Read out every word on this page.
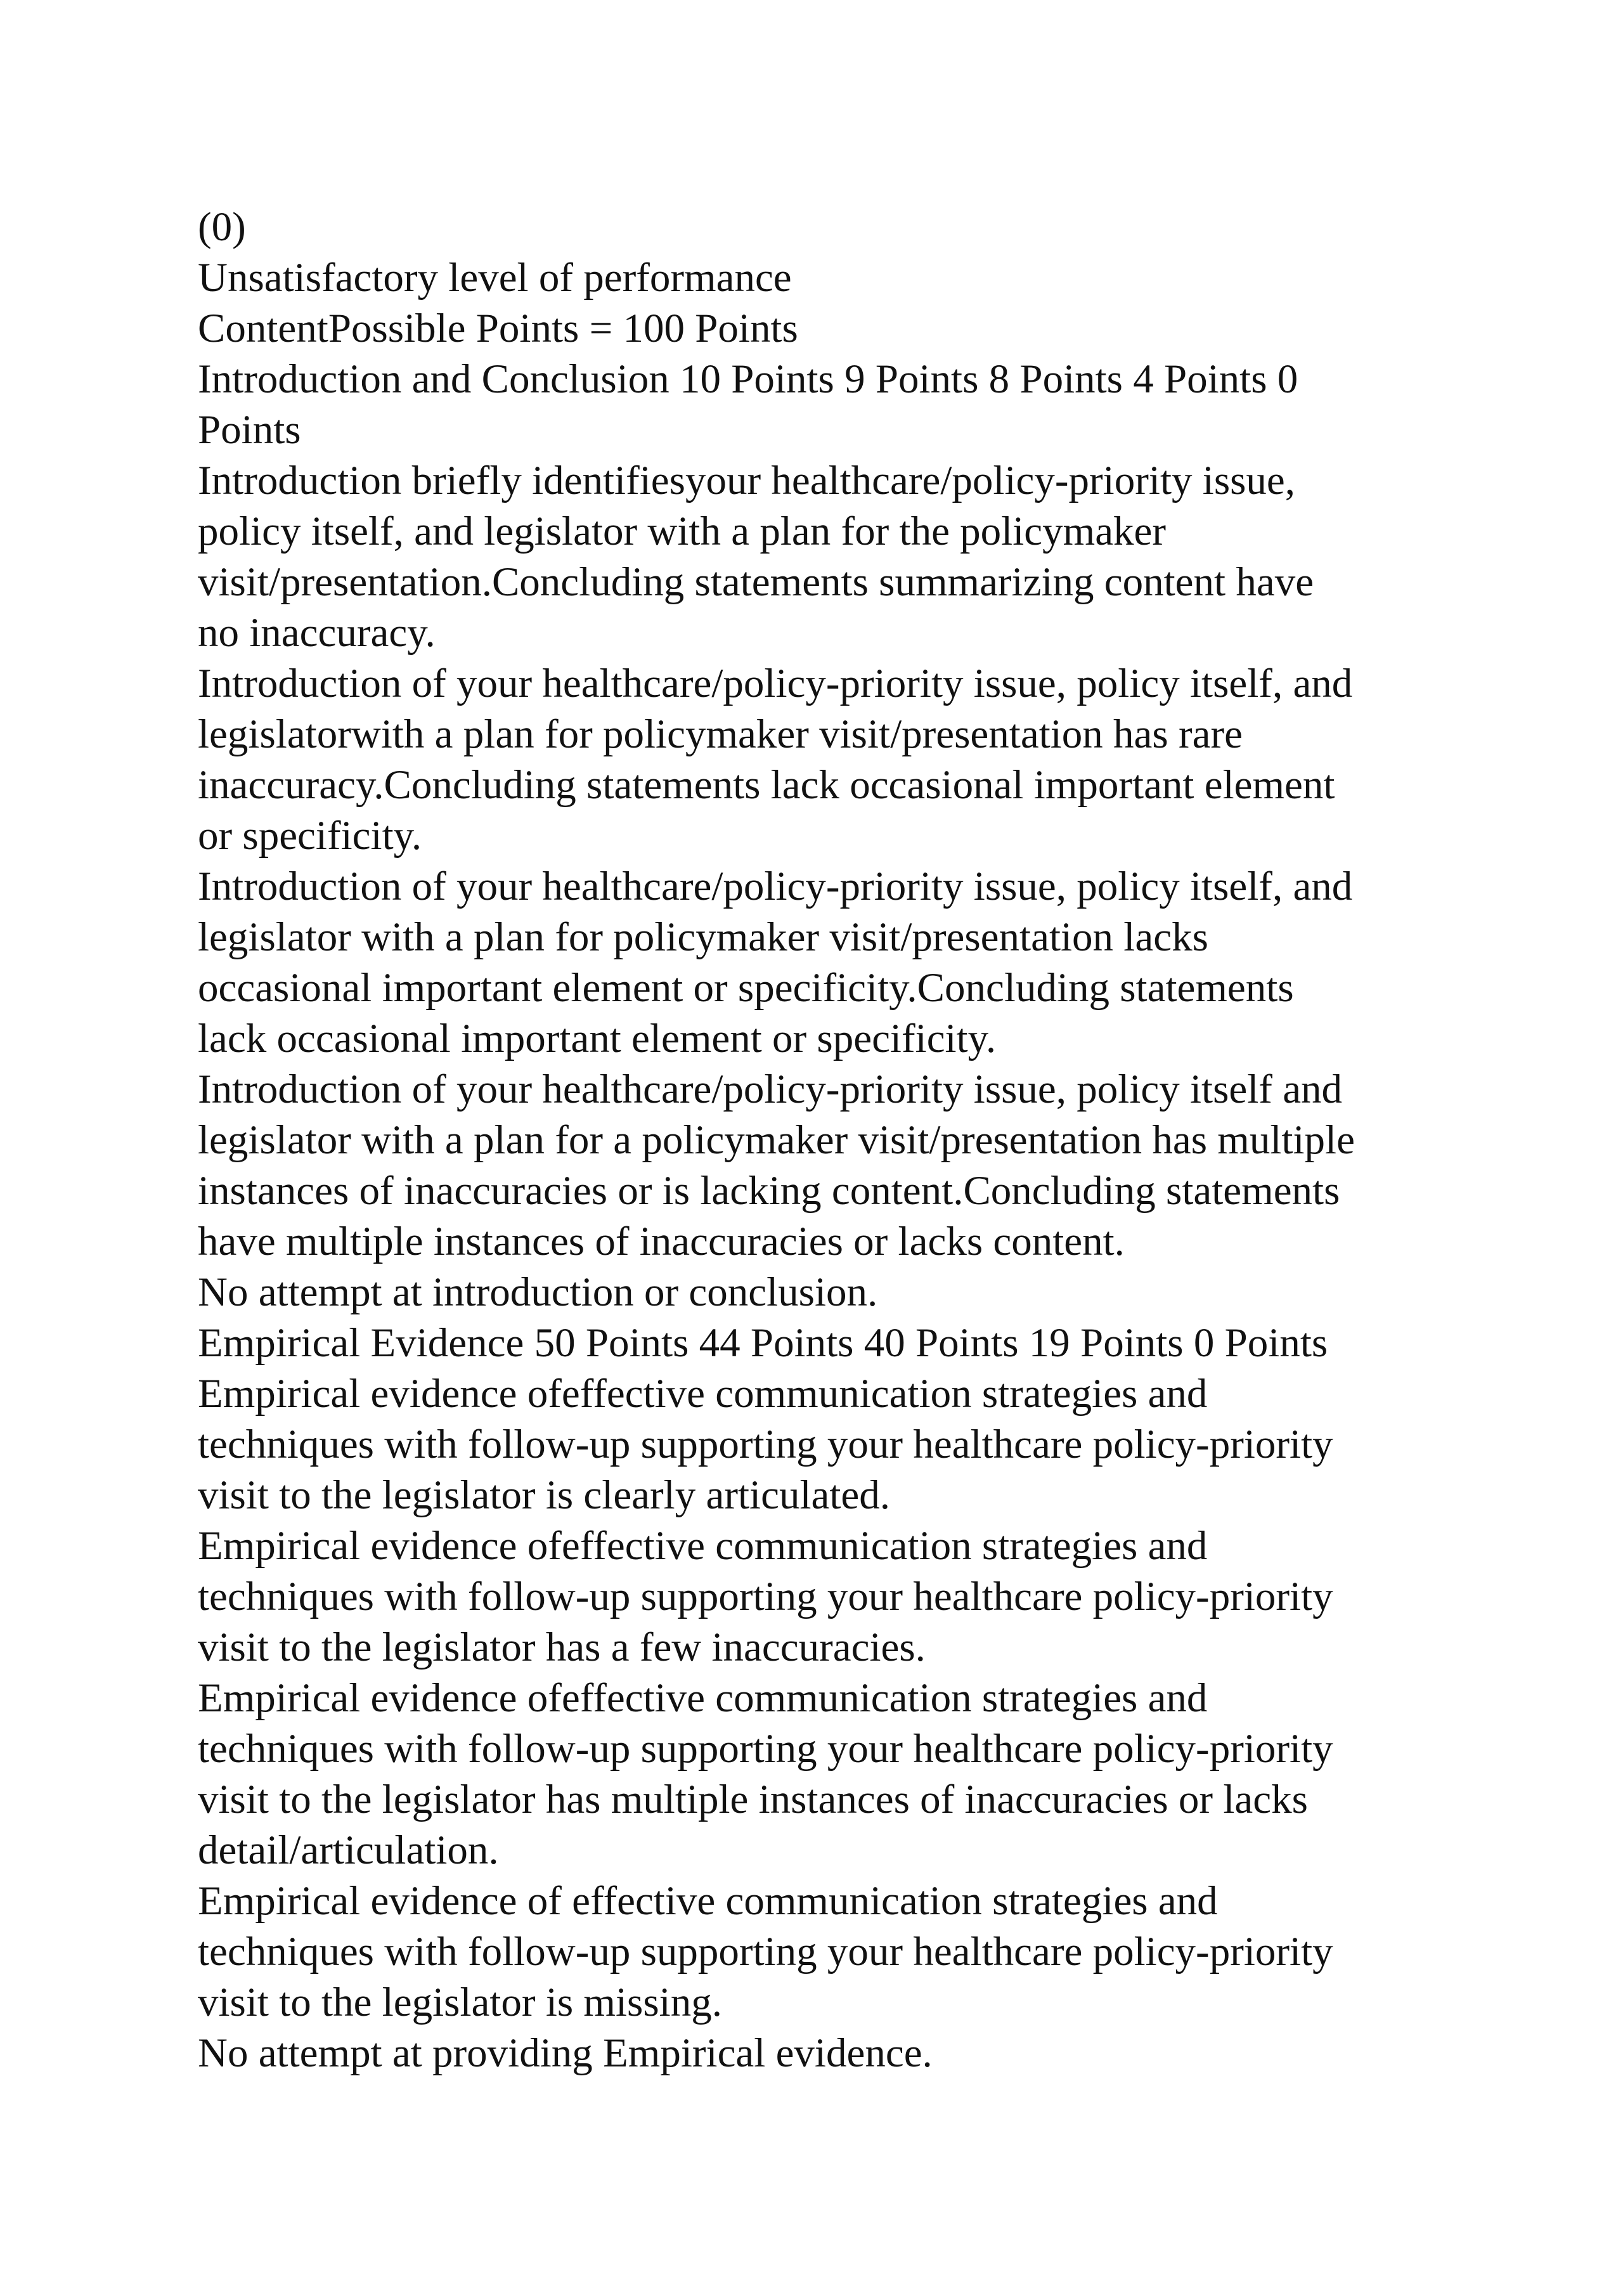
(0)
Unsatisfactory level of performance
ContentPossible Points = 100 Points
Introduction and Conclusion 10 Points 9 Points 8 Points 4 Points 0
Points
Introduction briefly identifiesyour healthcare/policy-priority issue,
policy itself, and legislator with a plan for the policymaker
visit/presentation.Concluding statements summarizing content have
no inaccuracy.
Introduction of your healthcare/policy-priority issue, policy itself, and
legislatorwith a plan for policymaker visit/presentation has rare
inaccuracy.Concluding statements lack occasional important element
or specificity.
Introduction of your healthcare/policy-priority issue, policy itself, and
legislator with a plan for policymaker visit/presentation lacks
occasional important element or specificity.Concluding statements
lack occasional important element or specificity.
Introduction of your healthcare/policy-priority issue, policy itself and
legislator with a plan for a policymaker visit/presentation has multiple
instances of inaccuracies or is lacking content.Concluding statements
have multiple instances of inaccuracies or lacks content.
No attempt at introduction or conclusion.
Empirical Evidence 50 Points 44 Points 40 Points 19 Points 0 Points
Empirical evidence ofeffective communication strategies and
techniques with follow-up supporting your healthcare policy-priority
visit to the legislator is clearly articulated.
Empirical evidence ofeffective communication strategies and
techniques with follow-up supporting your healthcare policy-priority
visit to the legislator has a few inaccuracies.
Empirical evidence ofeffective communication strategies and
techniques with follow-up supporting your healthcare policy-priority
visit to the legislator has multiple instances of inaccuracies or lacks
detail/articulation.
Empirical evidence of effective communication strategies and
techniques with follow-up supporting your healthcare policy-priority
visit to the legislator is missing.
No attempt at providing Empirical evidence.
